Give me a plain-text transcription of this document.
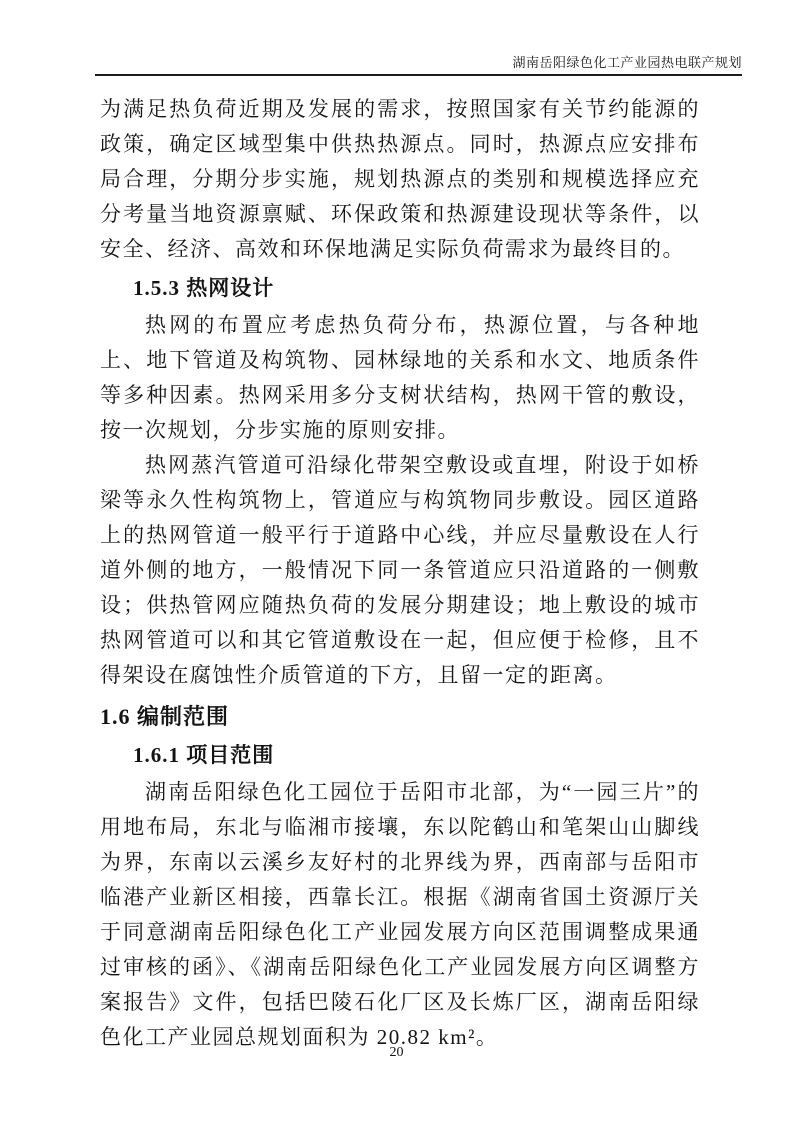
湖南岳阳绿色化工产业园热电联产规划

为满足热负荷近期及发展的需求，按照国家有关节约能源的政策，确定区域型集中供热热源点。同时，热源点应安排布局合理，分期分步实施，规划热源点的类别和规模选择应充分考量当地资源禀赋、环保政策和热源建设现状等条件，以安全、经济、高效和环保地满足实际负荷需求为最终目的。

1.5.3 热网设计

热网的布置应考虑热负荷分布，热源位置，与各种地上、地下管道及构筑物、园林绿地的关系和水文、地质条件等多种因素。热网采用多分支树状结构，热网干管的敷设，按一次规划，分步实施的原则安排。

热网蒸汽管道可沿绿化带架空敷设或直埋，附设于如桥梁等永久性构筑物上，管道应与构筑物同步敷设。园区道路上的热网管道一般平行于道路中心线，并应尽量敷设在人行道外侧的地方，一般情况下同一条管道应只沿道路的一侧敷设；供热管网应随热负荷的发展分期建设；地上敷设的城市热网管道可以和其它管道敷设在一起，但应便于检修，且不得架设在腐蚀性介质管道的下方，且留一定的距离。

1.6 编制范围
1.6.1 项目范围

湖南岳阳绿色化工园位于岳阳市北部，为“一园三片”的用地布局，东北与临湘市接壤，东以陀鹤山和笔架山山脚线为界，东南以云溪乡友好村的北界线为界，西南部与岳阳市临港产业新区相接，西靠长江。根据《湖南省国土资源厅关于同意湖南岳阳绿色化工产业园发展方向区范围调整成果通过审核的函》、《湖南岳阳绿色化工产业园发展方向区调整方案报告》文件，包括巴陵石化厂区及长炼厂区，湖南岳阳绿色化工产业园总规划面积为 20.82 km²。

20
